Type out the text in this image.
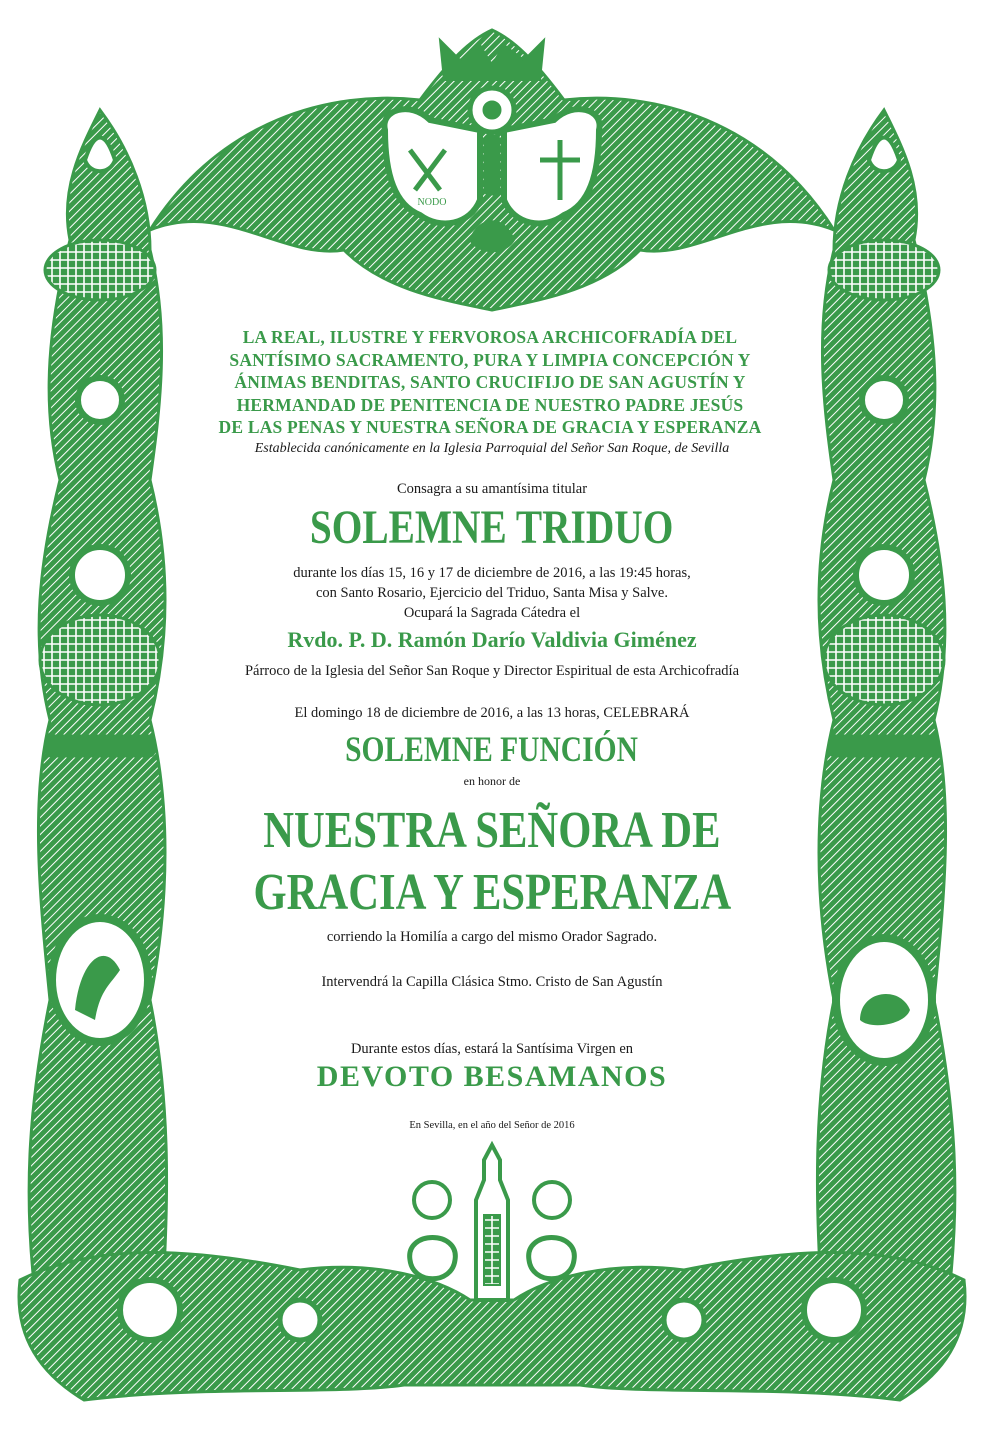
NODO
LA REAL, ILUSTRE Y FERVOROSA ARCHICOFRADÍA DEL
SANTÍSIMO SACRAMENTO, PURA Y LIMPIA CONCEPCIÓN Y
ÁNIMAS BENDITAS, SANTO CRUCIFIJO DE SAN AGUSTÍN Y
HERMANDAD DE PENITENCIA DE NUESTRO PADRE JESÚS
DE LAS PENAS Y NUESTRA SEÑORA DE GRACIA Y ESPERANZA
Establecida canónicamente en la Iglesia Parroquial del Señor San Roque, de Sevilla
Consagra a su amantísima titular
SOLEMNE TRIDUO
durante los días 15, 16 y 17 de diciembre de 2016, a las 19:45 horas,
con Santo Rosario, Ejercicio del Triduo, Santa Misa y Salve.
Ocupará la Sagrada Cátedra el
Rvdo. P. D. Ramón Darío Valdivia Giménez
Párroco de la Iglesia del Señor San Roque y Director Espiritual de esta Archicofradía
El domingo 18 de diciembre de 2016, a las 13 horas, CELEBRARÁ
SOLEMNE FUNCIÓN
en honor de
NUESTRA SEÑORA DE
GRACIA Y ESPERANZA
corriendo la Homilía a cargo del mismo Orador Sagrado.
Intervendrá la Capilla Clásica Stmo. Cristo de San Agustín
Durante estos días, estará la Santísima Virgen en
DEVOTO BESAMANOS
En Sevilla, en el año del Señor de 2016
